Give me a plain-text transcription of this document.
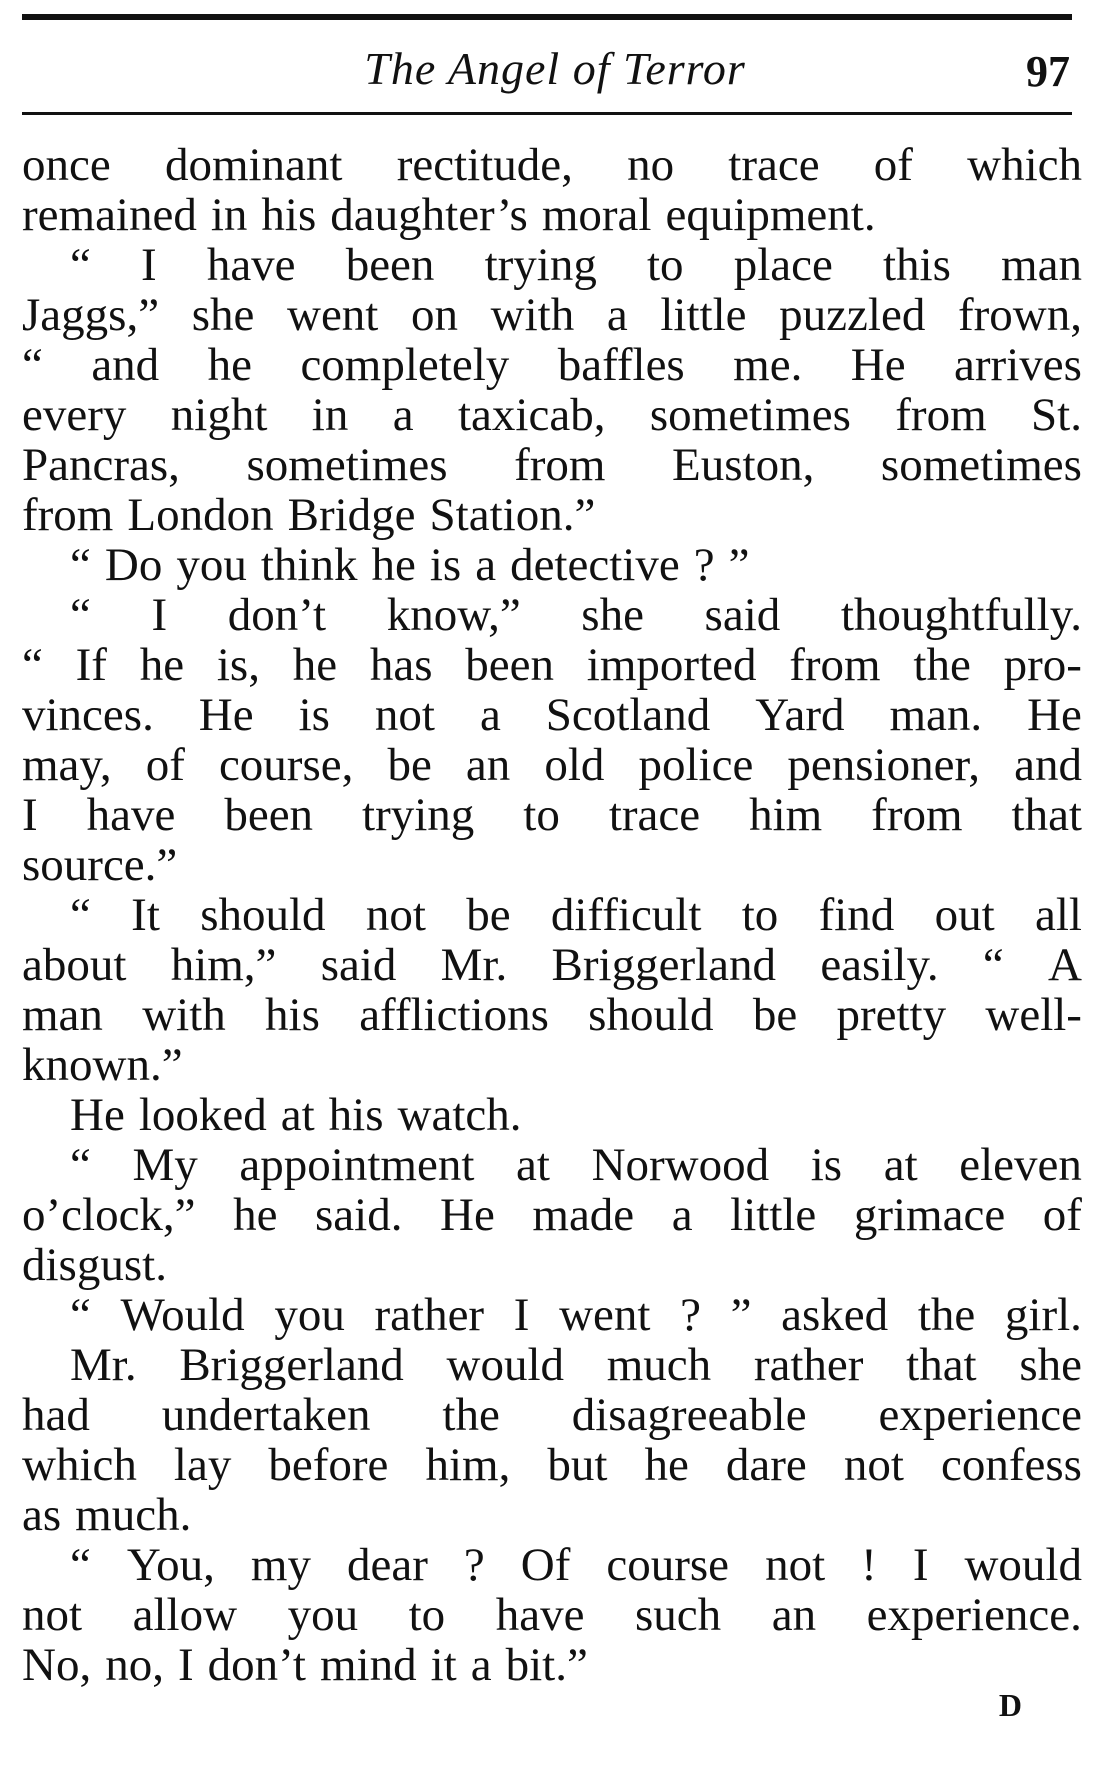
The Angel of Terror	97
once dominant rectitude, no trace of which
remained in his daughter’s moral equipment.
“ I have been trying to place this man
Jaggs,” she went on with a little puzzled frown,
“ and he completely baffles me. He arrives
every night in a taxicab, sometimes from St.
Pancras, sometimes from Euston, sometimes
from London Bridge Station.”
“ Do you think he is a detective ? ”
“ I don’t know,” she said thoughtfully.
“ If he is, he has been imported from the pro-
vinces. He is not a Scotland Yard man. He
may, of course, be an old police pensioner, and
I have been trying to trace him from that
source.”
“ It should not be difficult to find out all
about him,” said Mr. Briggerland easily. “ A
man with his afflictions should be pretty well-
known.”
He looked at his watch.
“ My appointment at Norwood is at eleven
o’clock,” he said. He made a little grimace of
disgust.
“ Would you rather I went ? ” asked the girl.
Mr. Briggerland would much rather that she
had undertaken the disagreeable experience
which lay before him, but he dare not confess
as much.
“ You, my dear ? Of course not ! I would
not allow you to have such an experience.
No, no, I don’t mind it a bit.”
D
